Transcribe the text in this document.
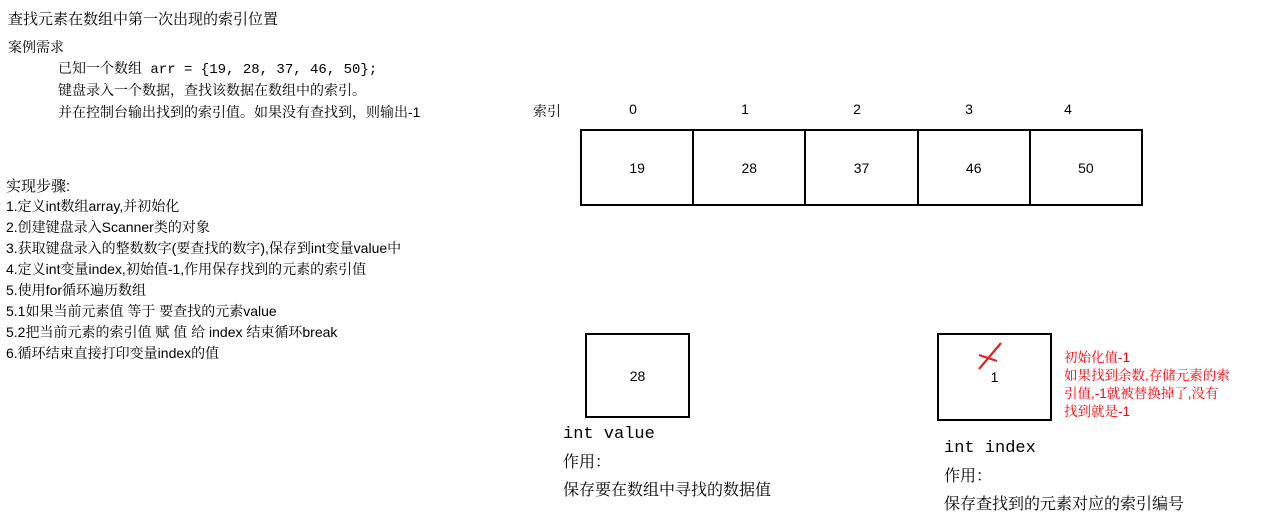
查找元素在数组中第一次出现的索引位置
案例需求
已知一个数组 arr = {19, 28, 37, 46, 50};
键盘录入一个数据，查找该数据在数组中的索引。
并在控制台输出找到的索引值。如果没有查找到，则输出-1
实现步骤:
1.定义int数组array,并初始化
2.创建键盘录入Scanner类的对象
3.获取键盘录入的整数数字(要查找的数字),保存到int变量value中
4.定义int变量index,初始值-1,作用保存找到的元素的索引值
5.使用for循环遍历数组
5.1如果当前元素值 等于 要查找的元素value
5.2把当前元素的索引值 赋 值 给 index 结束循环break
6.循环结束直接打印变量index的值
索引	0	1	2	3	4
19	28	37	46	50
28
int value
作用：
保存要在数组中寻找的数据值
1
int index
作用：
保存查找到的元素对应的索引编号
初始化值-1
如果找到余数,存储元素的索
引值,-1就被替换掉了,没有
找到就是-1
